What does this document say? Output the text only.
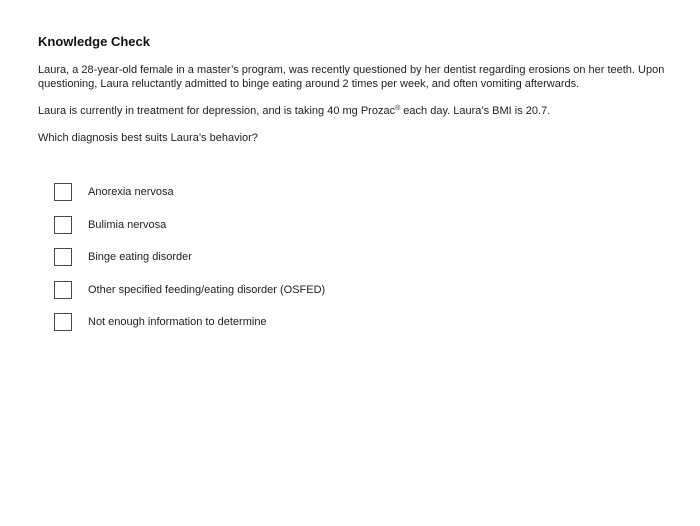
Knowledge Check

Laura, a 28-year-old female in a master’s program, was recently questioned by her dentist regarding erosions on her teeth. Upon questioning, Laura reluctantly admitted to binge eating around 2 times per week, and often vomiting afterwards.

Laura is currently in treatment for depression, and is taking 40 mg Prozac® each day. Laura’s BMI is 20.7.

Which diagnosis best suits Laura’s behavior?

Anorexia nervosa
Bulimia nervosa
Binge eating disorder
Other specified feeding/eating disorder (OSFED)
Not enough information to determine
